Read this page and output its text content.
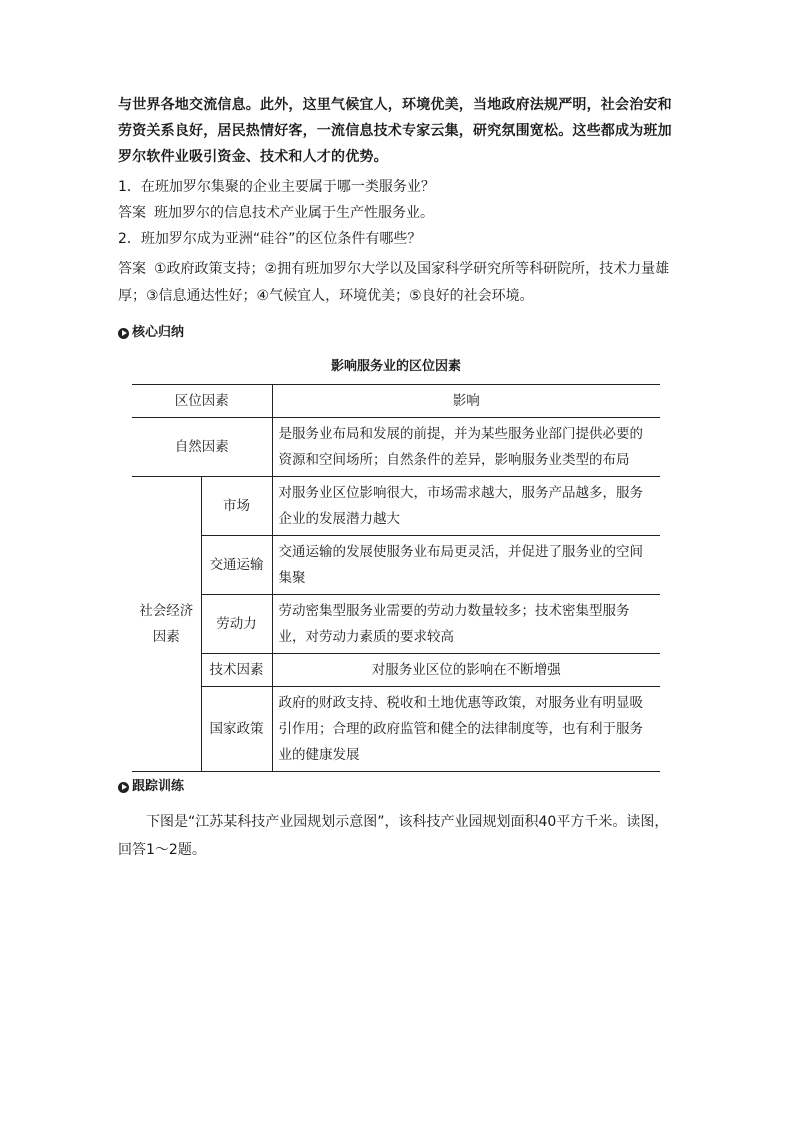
与世界各地交流信息。此外，这里气候宜人，环境优美，当地政府法规严明，社会治安和劳资关系良好，居民热情好客，一流信息技术专家云集，研究氛围宽松。这些都成为班加罗尔软件业吸引资金、技术和人才的优势。
1．在班加罗尔集聚的企业主要属于哪一类服务业？
答案 班加罗尔的信息技术产业属于生产性服务业。
2．班加罗尔成为亚洲“硅谷”的区位条件有哪些？
答案 ①政府政策支持；②拥有班加罗尔大学以及国家科学研究所等科研院所，技术力量雄
厚；③信息通达性好；④气候宜人，环境优美；⑤良好的社会环境。
核心归纳
影响服务业的区位因素
区位因素		影响
自然因素		是服务业布局和发展的前提，并为某些服务业部门提供必要的资源和空间场所；自然条件的差异，影响服务业类型的布局
社会经济因素	市场	对服务业区位影响很大，市场需求越大，服务产品越多，服务企业的发展潜力越大
	交通运输	交通运输的发展使服务业布局更灵活，并促进了服务业的空间集聚
	劳动力	劳动密集型服务业需要的劳动力数量较多；技术密集型服务业，对劳动力素质的要求较高
	技术因素	对服务业区位的影响在不断增强
	国家政策	政府的财政支持、税收和土地优惠等政策，对服务业有明显吸引作用；合理的政府监管和健全的法律制度等，也有利于服务业的健康发展
跟踪训练
下图是“江苏某科技产业园规划示意图”，该科技产业园规划面积40平方千米。读图，回答1～2题。
